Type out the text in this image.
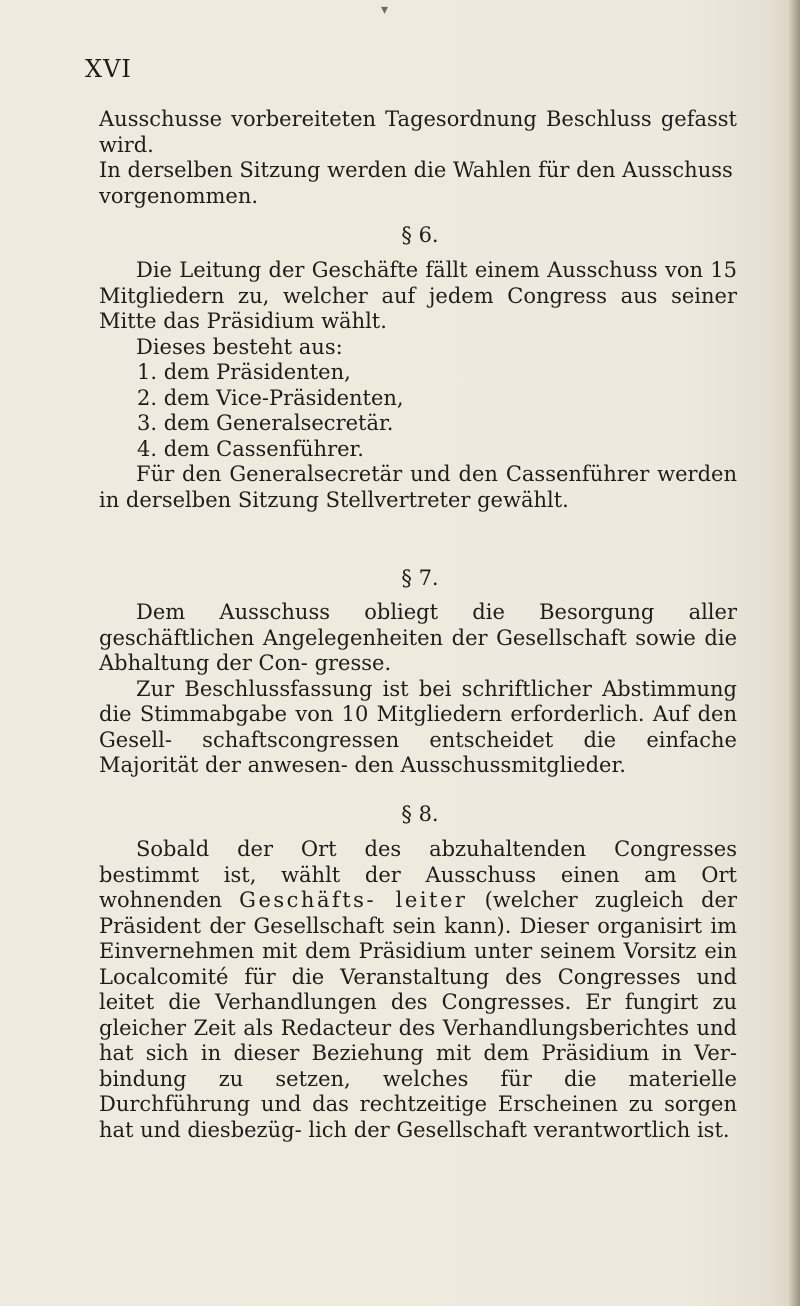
▾
XVI

Ausschusse vorbereiteten Tagesordnung Beschluss gefasst wird.

In derselben Sitzung werden die Wahlen für den Ausschuss

vorgenommen.

§ 6.

Die Leitung der Geschäfte fällt einem Ausschuss von 15 Mitgliedern zu, welcher auf jedem Congress aus seiner Mitte das Präsidium wählt.

Dieses besteht aus:

1. dem Präsidenten,

2. dem Vice-Präsidenten,

3. dem Generalsecretär.

4. dem Cassenführer.

Für den Generalsecretär und den Cassenführer werden in derselben Sitzung Stellvertreter gewählt.

§ 7.

Dem Ausschuss obliegt die Besorgung aller geschäftlichen Angelegenheiten der Gesellschaft sowie die Abhaltung der Con- gresse.

Zur Beschlussfassung ist bei schriftlicher Abstimmung die Stimmabgabe von 10 Mitgliedern erforderlich. Auf den Gesell- schaftscongressen entscheidet die einfache Majorität der anwesen- den Ausschussmitglieder.

§ 8.

Sobald der Ort des abzuhaltenden Congresses bestimmt ist, wählt der Ausschuss einen am Ort wohnenden Geschäfts- leiter (welcher zugleich der Präsident der Gesellschaft sein kann). Dieser organisirt im Einvernehmen mit dem Präsidium unter seinem Vorsitz ein Localcomité für die Veranstaltung des Congresses und leitet die Verhandlungen des Congresses. Er fungirt zu gleicher Zeit als Redacteur des Verhandlungsberichtes und hat sich in dieser Beziehung mit dem Präsidium in Ver- bindung zu setzen, welches für die materielle Durchführung und das rechtzeitige Erscheinen zu sorgen hat und diesbezüg- lich der Gesellschaft verantwortlich ist.
